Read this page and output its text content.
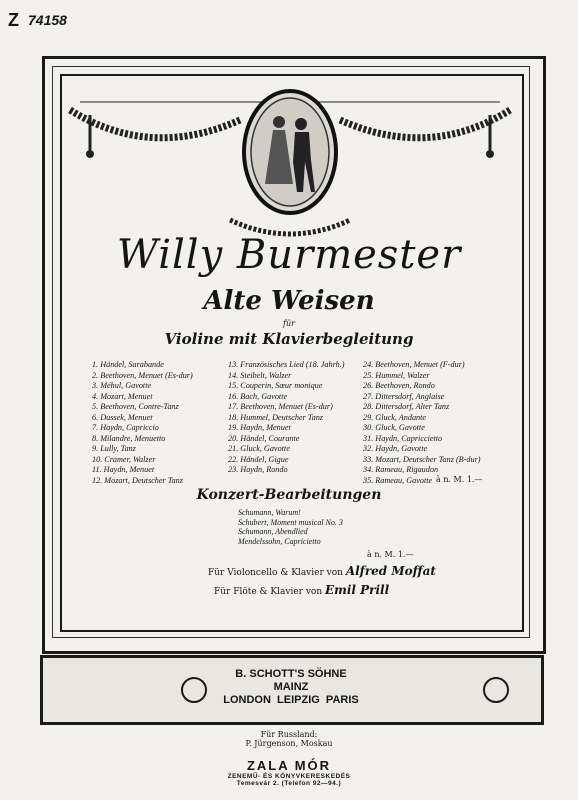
Z 74158
Willy Burmester
Alte Weisen
für
Violine mit Klavierbegleitung
1. Händel, Sarabande
2. Beethoven, Menuet (Es-dur)
3. Méhul, Gavotte
4. Mozart, Menuet
5. Beethoven, Contre-Tanz
6. Dussek, Menuet
7. Haydn, Capriccio
8. Milandre, Menuetto
9. Lully, Tanz
10. Cramer, Walzer
11. Haydn, Menuet
12. Mozart, Deutscher Tanz
13. Französisches Lied (18. Jahrh.)
14. Steibelt, Walzer
15. Couperin, Sœur monique
16. Bach, Gavotte
17. Beethoven, Menuet (Es-dur)
18. Hummel, Deutscher Tanz
19. Haydn, Menuet
20. Händel, Courante
21. Gluck, Gavotte
22. Händel, Gigue
23. Haydn, Rondo
24. Beethoven, Menuet (F-dur)
25. Hummel, Walzer
26. Beethoven, Rondo
27. Dittersdorf, Anglaise
28. Dittersdorf, Alter Tanz
29. Gluck, Andante
30. Gluck, Gavotte
31. Haydn, Capriccietto
32. Haydn, Gavotte
33. Mozart, Deutscher Tanz (B-dur)
34. Rameau, Rigaudon
35. Rameau, Gavotte à n. M. 1.—
Konzert-Bearbeitungen
Schumann, Warum!
Schubert, Moment musical No. 3
Schumann, Abendlied
Mendelssohn, Capricietto
à n. M. 1.—
Für Violoncello & Klavier von Alfred Moffat
Für Flöte & Klavier von Emil Prill
B. SCHOTT'S SÖHNE
MAINZ
LONDON  LEIPZIG  PARIS
Für Russland:
P. Jürgenson, Moskau
ZALA MÓR
ZENEMŰ- ÉS KÖNYVKERESKEDÉS
Temesvár 2. (Telefon 92—94.)
